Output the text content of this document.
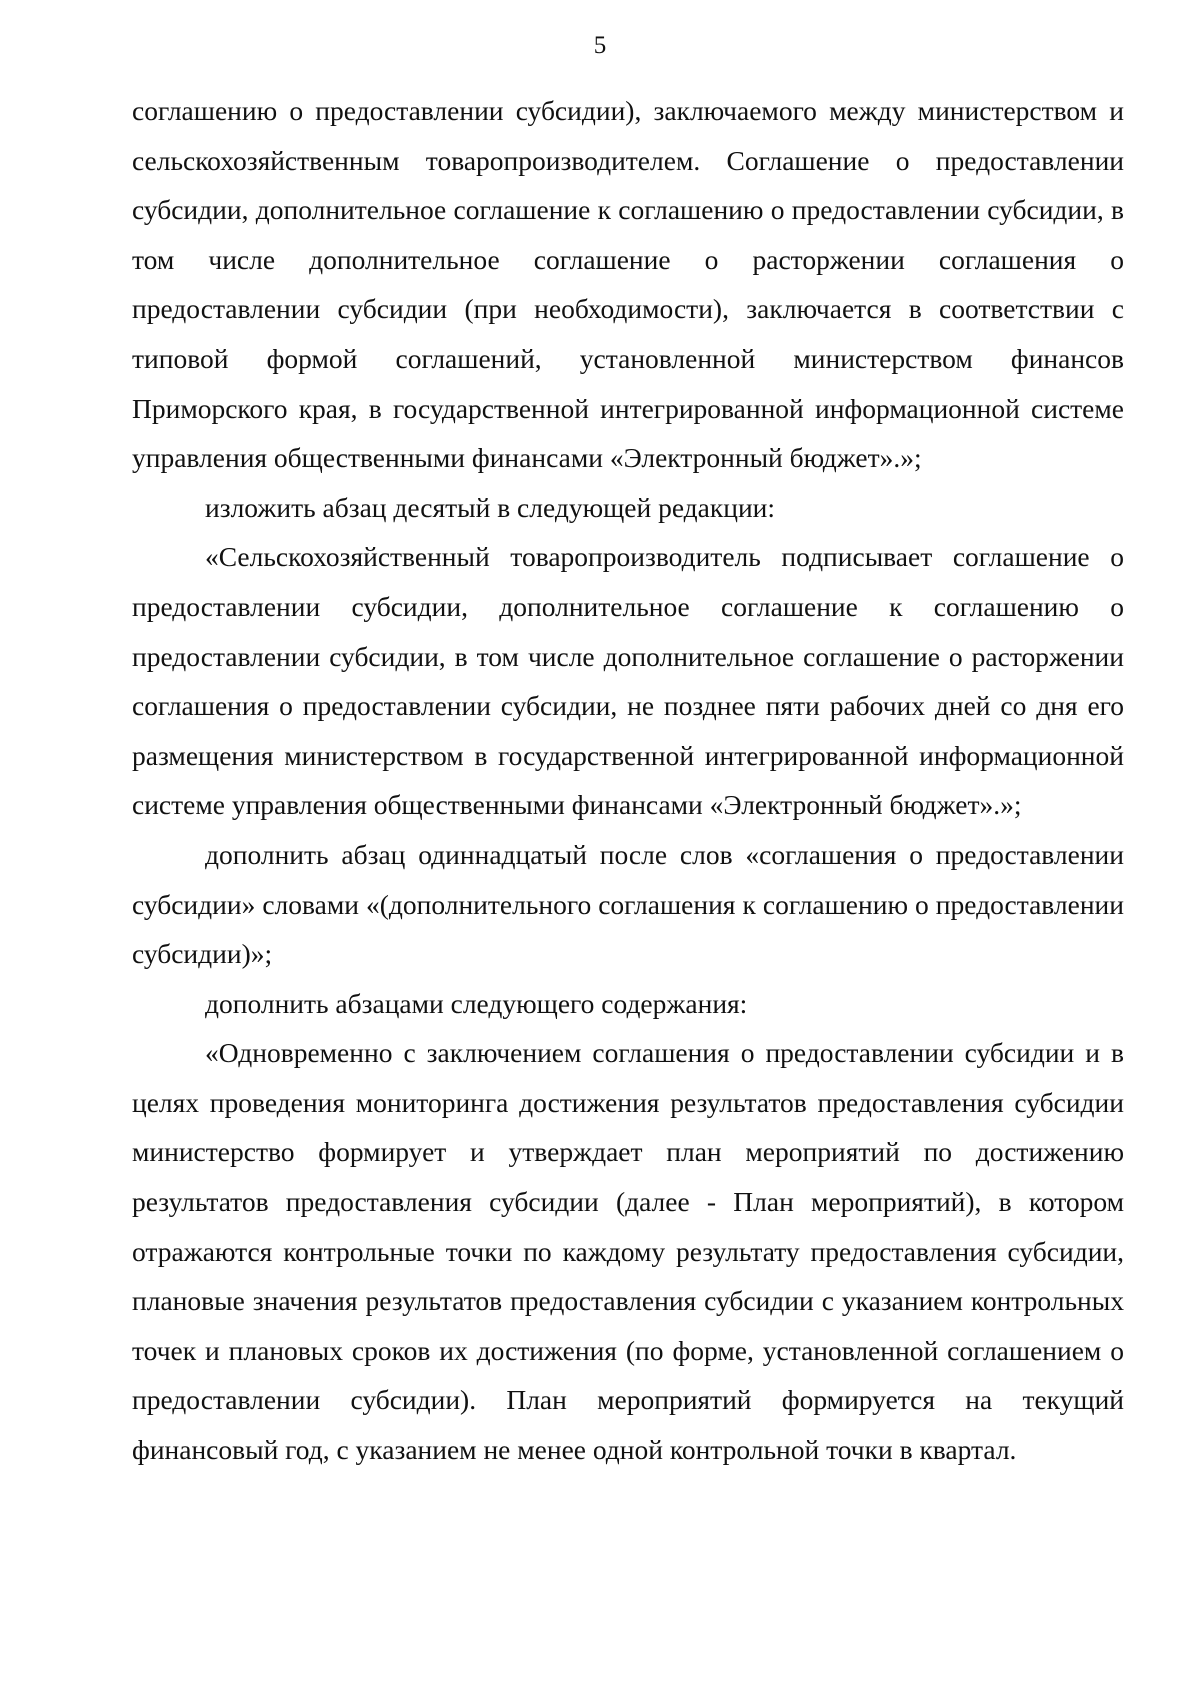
5

соглашению о предоставлении субсидии), заключаемого между министерством и сельскохозяйственным товаропроизводителем. Соглашение о предоставлении субсидии, дополнительное соглашение к соглашению о предоставлении субсидии, в том числе дополнительное соглашение о расторжении соглашения о предоставлении субсидии (при необходимости), заключается в соответствии с типовой формой соглашений, установленной министерством финансов Приморского края, в государственной интегрированной информационной системе управления общественными финансами «Электронный бюджет».»;

изложить абзац десятый в следующей редакции:

«Сельскохозяйственный товаропроизводитель подписывает соглашение о предоставлении субсидии, дополнительное соглашение к соглашению о предоставлении субсидии, в том числе дополнительное соглашение о расторжении соглашения о предоставлении субсидии, не позднее пяти рабочих дней со дня его размещения министерством в государственной интегрированной информационной системе управления общественными финансами «Электронный бюджет».»;

дополнить абзац одиннадцатый после слов «соглашения о предоставлении субсидии» словами «(дополнительного соглашения к соглашению о предоставлении субсидии)»;

дополнить абзацами следующего содержания:

«Одновременно с заключением соглашения о предоставлении субсидии и в целях проведения мониторинга достижения результатов предоставления субсидии министерство формирует и утверждает план мероприятий по достижению результатов предоставления субсидии (далее - План мероприятий), в котором отражаются контрольные точки по каждому результату предоставления субсидии, плановые значения результатов предоставления субсидии с указанием контрольных точек и плановых сроков их достижения (по форме, установленной соглашением о предоставлении субсидии). План мероприятий формируется на текущий финансовый год, с указанием не менее одной контрольной точки в квартал.
